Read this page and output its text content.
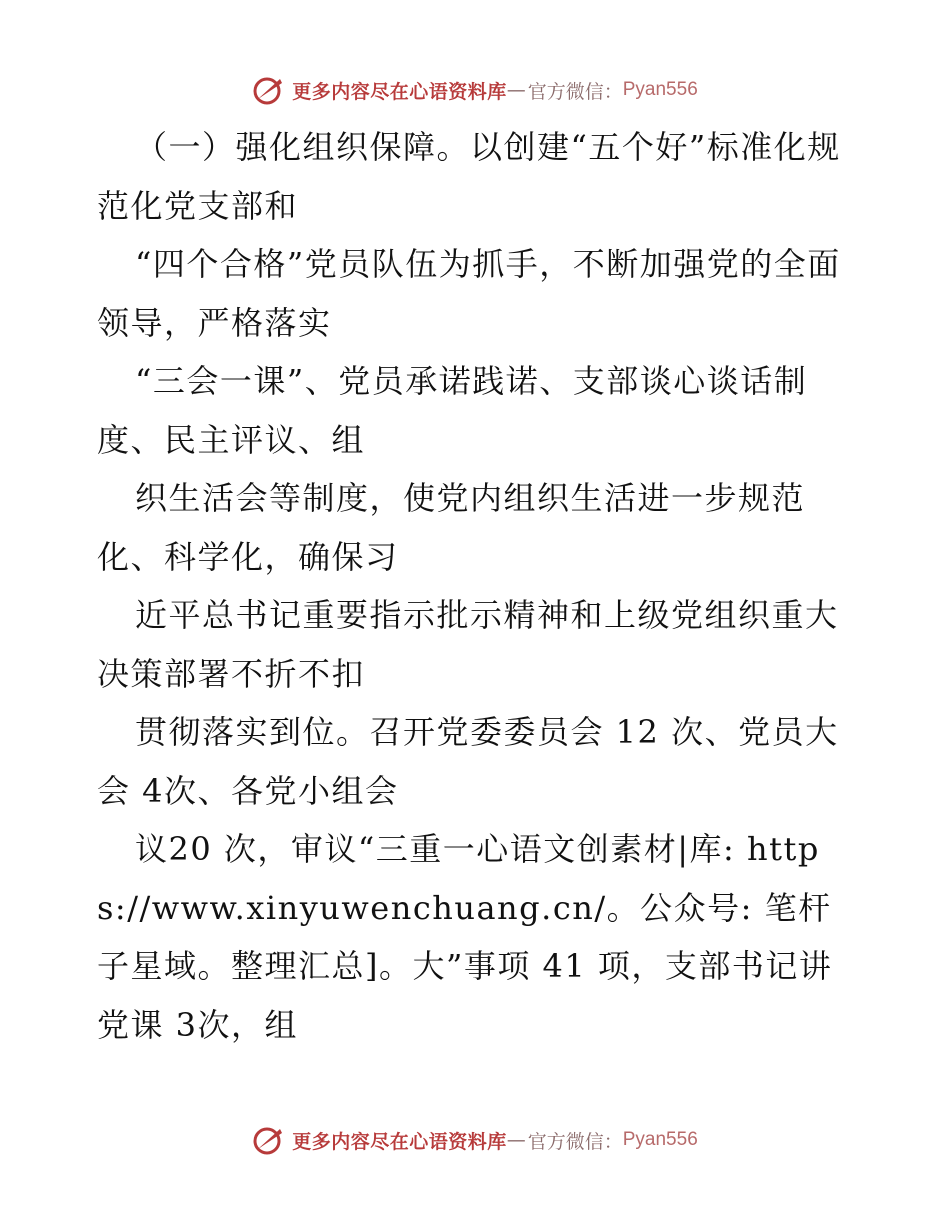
更多内容尽在心语资料库 — 官方微信： Pyan556

（一）强化组织保障。以创建“五个好”标准化规范化党支部和

“四个合格”党员队伍为抓手，不断加强党的全面领导，严格落实

“三会一课”、党员承诺践诺、支部谈心谈话制度、民主评议、组

织生活会等制度，使党内组织生活进一步规范化、科学化，确保习

近平总书记重要指示批示精神和上级党组织重大决策部署不折不扣

贯彻落实到位。召开党委委员会 12 次、党员大会 4次、各党小组会

议20 次，审议“三重一心语文创素材|库: https://www.xinyuwenchuang.cn/。公众号: 笔杆子星域。整理汇总]。大”事项 41 项，支部书记讲党课 3次，组

更多内容尽在心语资料库 — 官方微信： Pyan556
